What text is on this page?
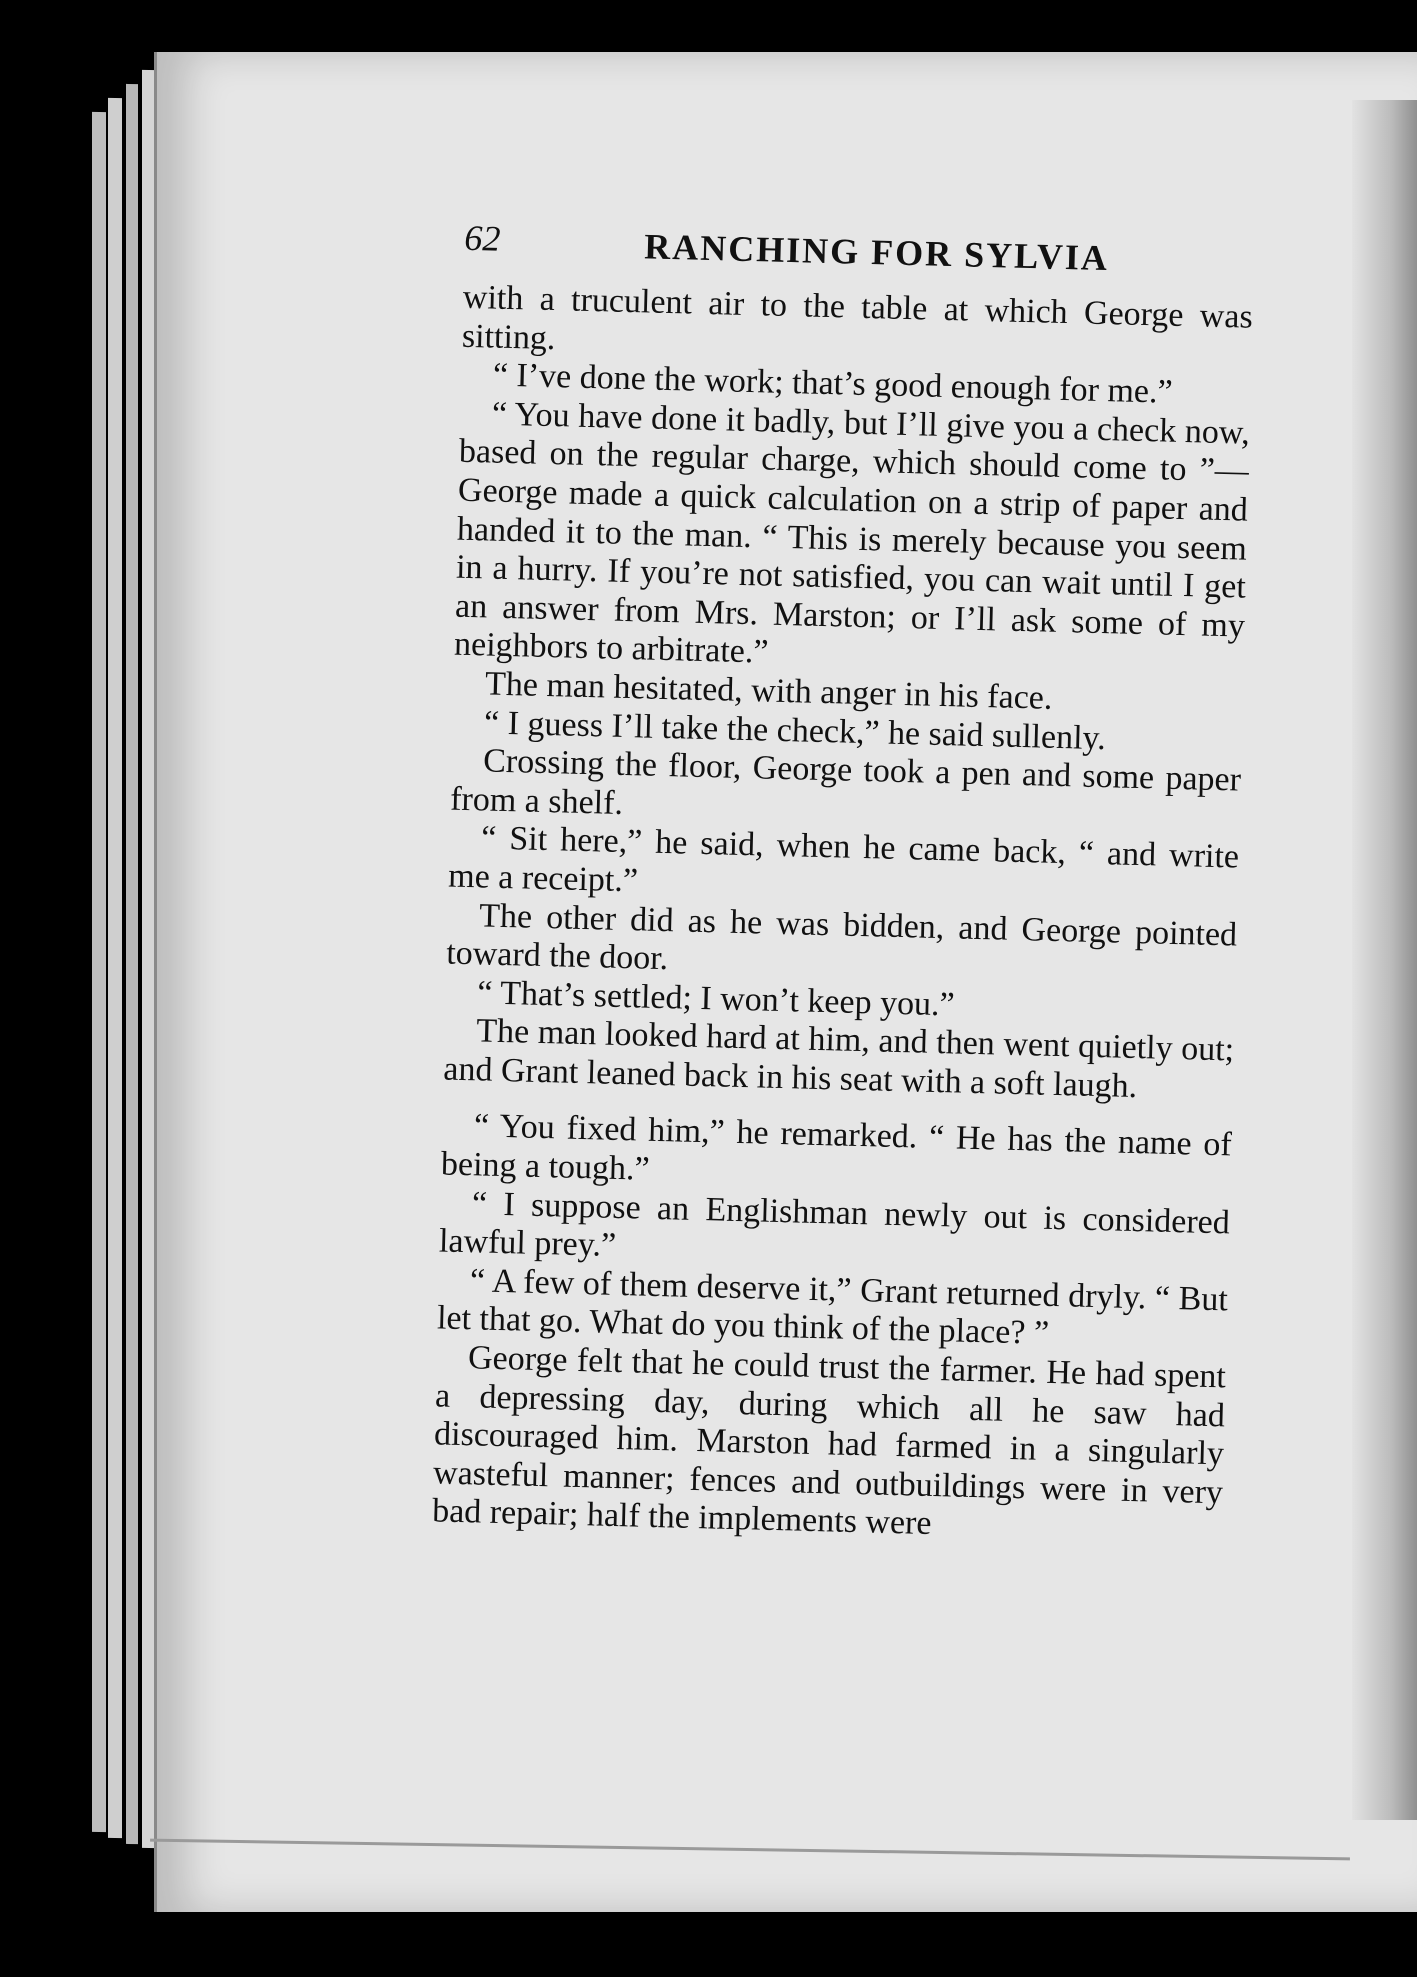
62	RANCHING FOR SYLVIA

with a truculent air to the table at which George was sitting.

“ I’ve done the work; that’s good enough for me.”

“ You have done it badly, but I’ll give you a check now, based on the regular charge, which should come to ”— George made a quick calculation on a strip of paper and handed it to the man. “ This is merely because you seem in a hurry. If you’re not satisfied, you can wait until I get an answer from Mrs. Marston; or I’ll ask some of my neighbors to arbitrate.”

The man hesitated, with anger in his face.

“ I guess I’ll take the check,” he said sullenly.

Crossing the floor, George took a pen and some paper from a shelf.

“ Sit here,” he said, when he came back, “ and write me a receipt.”

The other did as he was bidden, and George pointed toward the door.

“ That’s settled; I won’t keep you.”

The man looked hard at him, and then went quietly out; and Grant leaned back in his seat with a soft laugh.

“ You fixed him,” he remarked. “ He has the name of being a tough.”

“ I suppose an Englishman newly out is considered lawful prey.”

“ A few of them deserve it,” Grant returned dryly. “ But let that go. What do you think of the place? ”

George felt that he could trust the farmer. He had spent a depressing day, during which all he saw had discouraged him. Marston had farmed in a singularly wasteful manner; fences and outbuildings were in very bad repair; half the implements were
